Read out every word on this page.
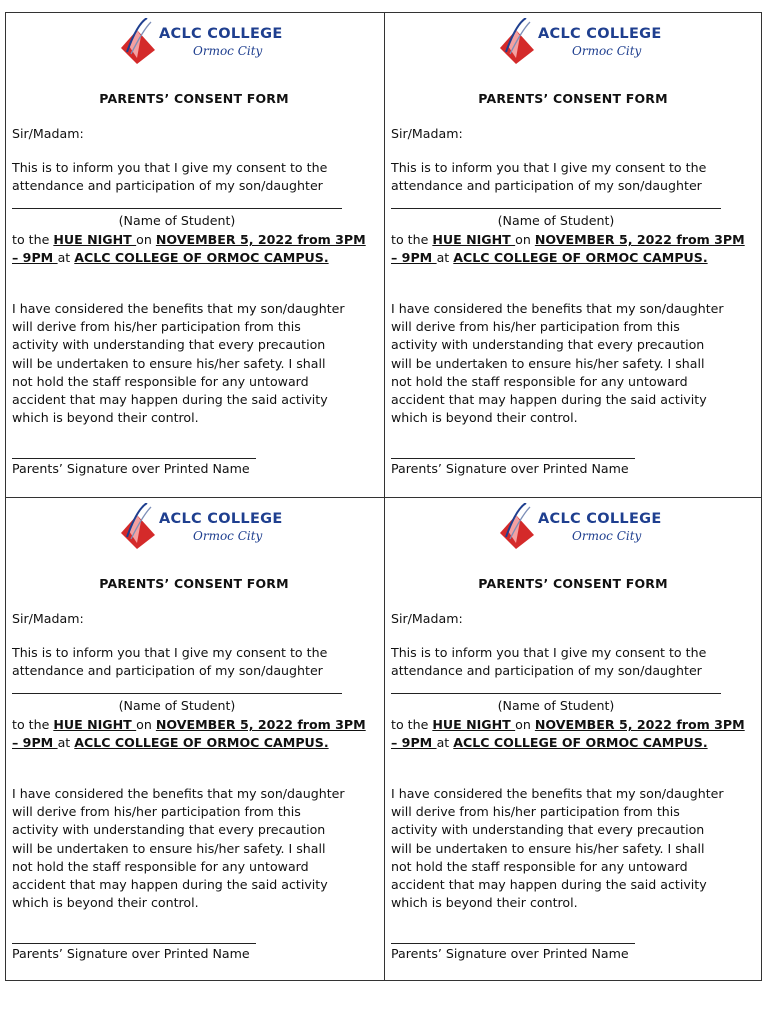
ACLC COLLEGE
Ormoc City
PARENTS’ CONSENT FORM
Sir/Madam:
This is to inform you that I give my consent to the
attendance and participation of my son/daughter
(Name of Student)
to the HUE NIGHT on NOVEMBER 5, 2022 from 3PM
– 9PM at ACLC COLLEGE OF ORMOC CAMPUS.
I have considered the benefits that my son/daughter
will derive from his/her participation from this
activity with understanding that every precaution
will be undertaken to ensure his/her safety. I shall
not hold the staff responsible for any untoward
accident that may happen during the said activity
which is beyond their control.
Parents’ Signature over Printed Name
ACLC COLLEGE
Ormoc City
PARENTS’ CONSENT FORM
Sir/Madam:
This is to inform you that I give my consent to the
attendance and participation of my son/daughter
(Name of Student)
to the HUE NIGHT on NOVEMBER 5, 2022 from 3PM
– 9PM at ACLC COLLEGE OF ORMOC CAMPUS.
I have considered the benefits that my son/daughter
will derive from his/her participation from this
activity with understanding that every precaution
will be undertaken to ensure his/her safety. I shall
not hold the staff responsible for any untoward
accident that may happen during the said activity
which is beyond their control.
Parents’ Signature over Printed Name
ACLC COLLEGE
Ormoc City
PARENTS’ CONSENT FORM
Sir/Madam:
This is to inform you that I give my consent to the
attendance and participation of my son/daughter
(Name of Student)
to the HUE NIGHT on NOVEMBER 5, 2022 from 3PM
– 9PM at ACLC COLLEGE OF ORMOC CAMPUS.
I have considered the benefits that my son/daughter
will derive from his/her participation from this
activity with understanding that every precaution
will be undertaken to ensure his/her safety. I shall
not hold the staff responsible for any untoward
accident that may happen during the said activity
which is beyond their control.
Parents’ Signature over Printed Name
ACLC COLLEGE
Ormoc City
PARENTS’ CONSENT FORM
Sir/Madam:
This is to inform you that I give my consent to the
attendance and participation of my son/daughter
(Name of Student)
to the HUE NIGHT on NOVEMBER 5, 2022 from 3PM
– 9PM at ACLC COLLEGE OF ORMOC CAMPUS.
I have considered the benefits that my son/daughter
will derive from his/her participation from this
activity with understanding that every precaution
will be undertaken to ensure his/her safety. I shall
not hold the staff responsible for any untoward
accident that may happen during the said activity
which is beyond their control.
Parents’ Signature over Printed Name
